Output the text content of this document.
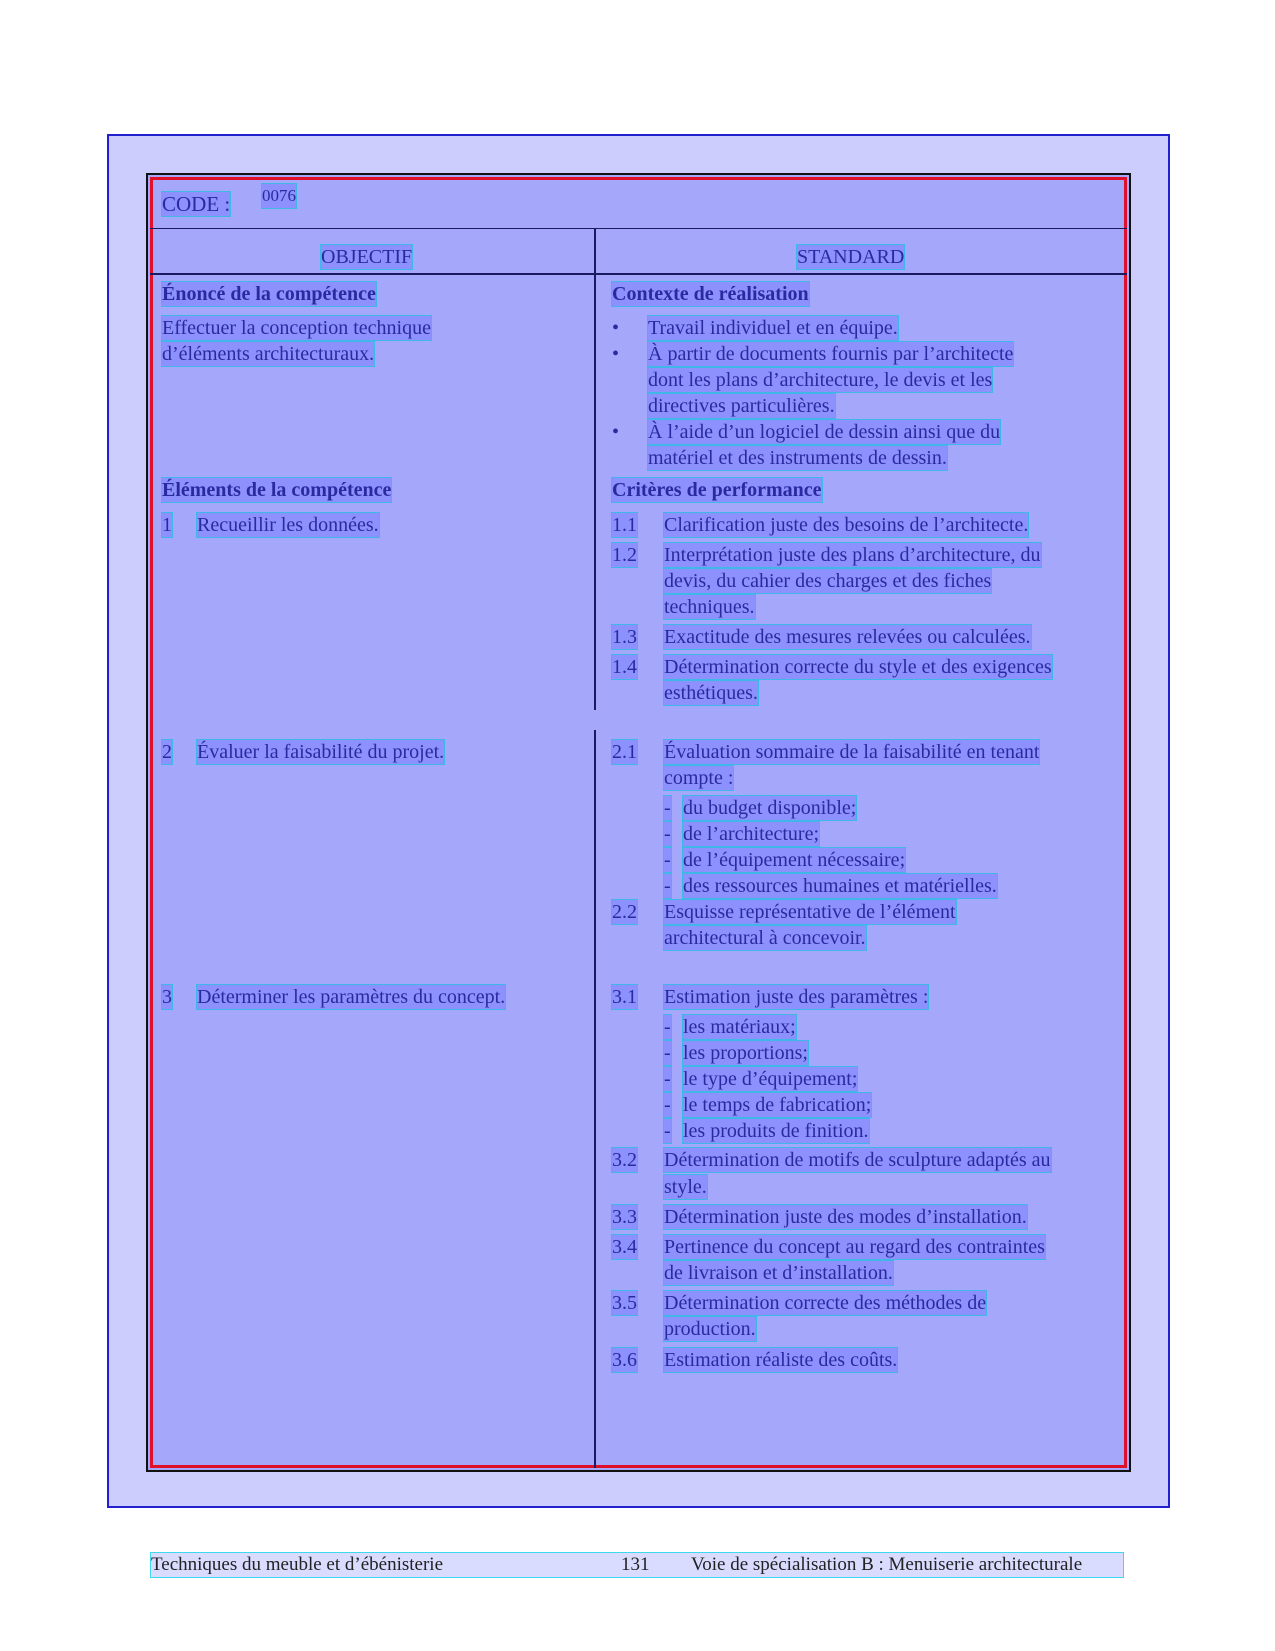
CODE : 0076
OBJECTIF	STANDARD
Énoncé de la compétence
Effectuer la conception technique
d’éléments architecturaux.
Éléments de la compétence
1 Recueillir les données.
2 Évaluer la faisabilité du projet.
3 Déterminer les paramètres du concept.
Contexte de réalisation
• Travail individuel et en équipe.
• À partir de documents fournis par l’architecte
dont les plans d’architecture, le devis et les
directives particulières.
• À l’aide d’un logiciel de dessin ainsi que du
matériel et des instruments de dessin.
Critères de performance
1.1 Clarification juste des besoins de l’architecte.
1.2 Interprétation juste des plans d’architecture, du
devis, du cahier des charges et des fiches
techniques.
1.3 Exactitude des mesures relevées ou calculées.
1.4 Détermination correcte du style et des exigences
esthétiques.
2.1 Évaluation sommaire de la faisabilité en tenant
compte :
- du budget disponible;
- de l’architecture;
- de l’équipement nécessaire;
- des ressources humaines et matérielles.
2.2 Esquisse représentative de l’élément
architectural à concevoir.
3.1 Estimation juste des paramètres :
- les matériaux;
- les proportions;
- le type d’équipement;
- le temps de fabrication;
- les produits de finition.
3.2 Détermination de motifs de sculpture adaptés au
style.
3.3 Détermination juste des modes d’installation.
3.4 Pertinence du concept au regard des contraintes
de livraison et d’installation.
3.5 Détermination correcte des méthodes de
production.
3.6 Estimation réaliste des coûts.
Techniques du meuble et d’ébénisterie	131 Voie de spécialisation B : Menuiserie architecturale
